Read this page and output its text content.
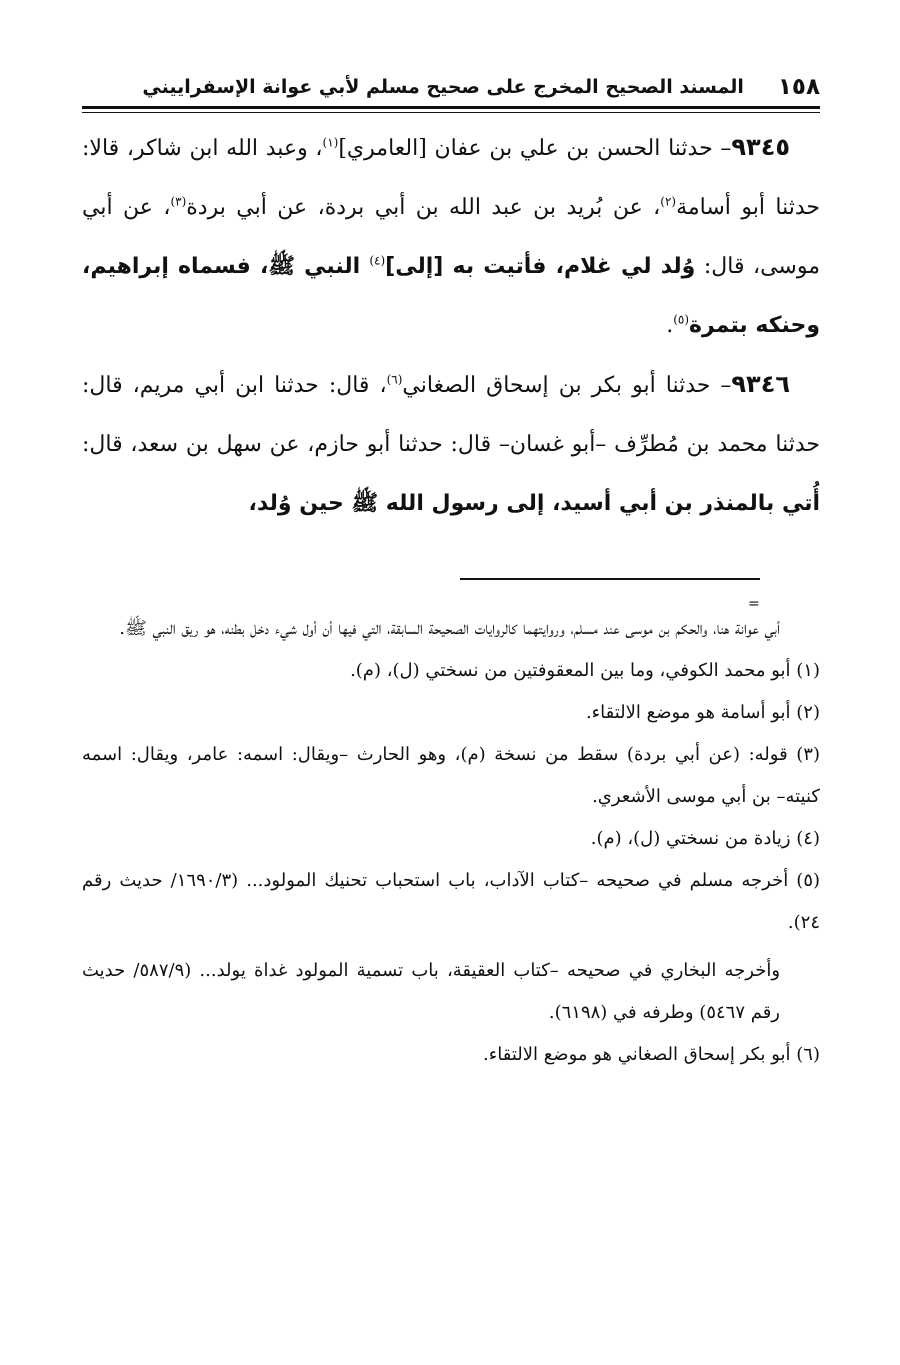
١٥٨
المسند الصحيح المخرج على صحيح مسلم لأبي عوانة الإسفراييني

٩٣٤٥– حدثنا الحسن بن علي بن عفان [العامري]$^{(١)}$، وعبد الله ابن شاكر، قالا: حدثنا أبو أسامة$^{(٢)}$، عن بُريد بن عبد الله بن أبي بردة، عن أبي بردة$^{(٣)}$، عن أبي موسى، قال: وُلد لي غلام، فأتيت به [إلى]$^{(٤)}$ النبي ﷺ، فسماه إبراهيم، وحنكه بتمرة$^{(٥)}$.

٩٣٤٦– حدثنا أبو بكر بن إسحاق الصغاني$^{(٦)}$، قال: حدثنا ابن أبي مريم، قال: حدثنا محمد بن مُطرِّف –أبو غسان– قال: حدثنا أبو حازم، عن سهل بن سعد، قال: أُتي بالمنذر بن أبي أسيد، إلى رسول الله ﷺ حين وُلد،

=

أبي عوانة هنا، والحكم بن موسى عند مسلم، وروايتهما كالروايات الصحيحة السابقة، التي فيها أن أول شيء دخل بطنه، هو ريق النبي ﷺ.

(١) أبو محمد الكوفي، وما بين المعقوفتين من نسختي (ل)، (م).

(٢) أبو أسامة هو موضع الالتقاء.

(٣) قوله: (عن أبي بردة) سقط من نسخة (م)، وهو الحارث –ويقال: اسمه: عامر، ويقال: اسمه كنيته– بن أبي موسى الأشعري.

(٤) زيادة من نسختي (ل)، (م).

(٥) أخرجه مسلم في صحيحه –كتاب الآداب، باب استحباب تحنيك المولود... (١٦٩٠/٣/ حديث رقم ٢٤).

وأخرجه البخاري في صحيحه –كتاب العقيقة، باب تسمية المولود غداة يولد... (٥٨٧/٩/ حديث رقم ٥٤٦٧) وطرفه في (٦١٩٨).

(٦) أبو بكر إسحاق الصغاني هو موضع الالتقاء.
